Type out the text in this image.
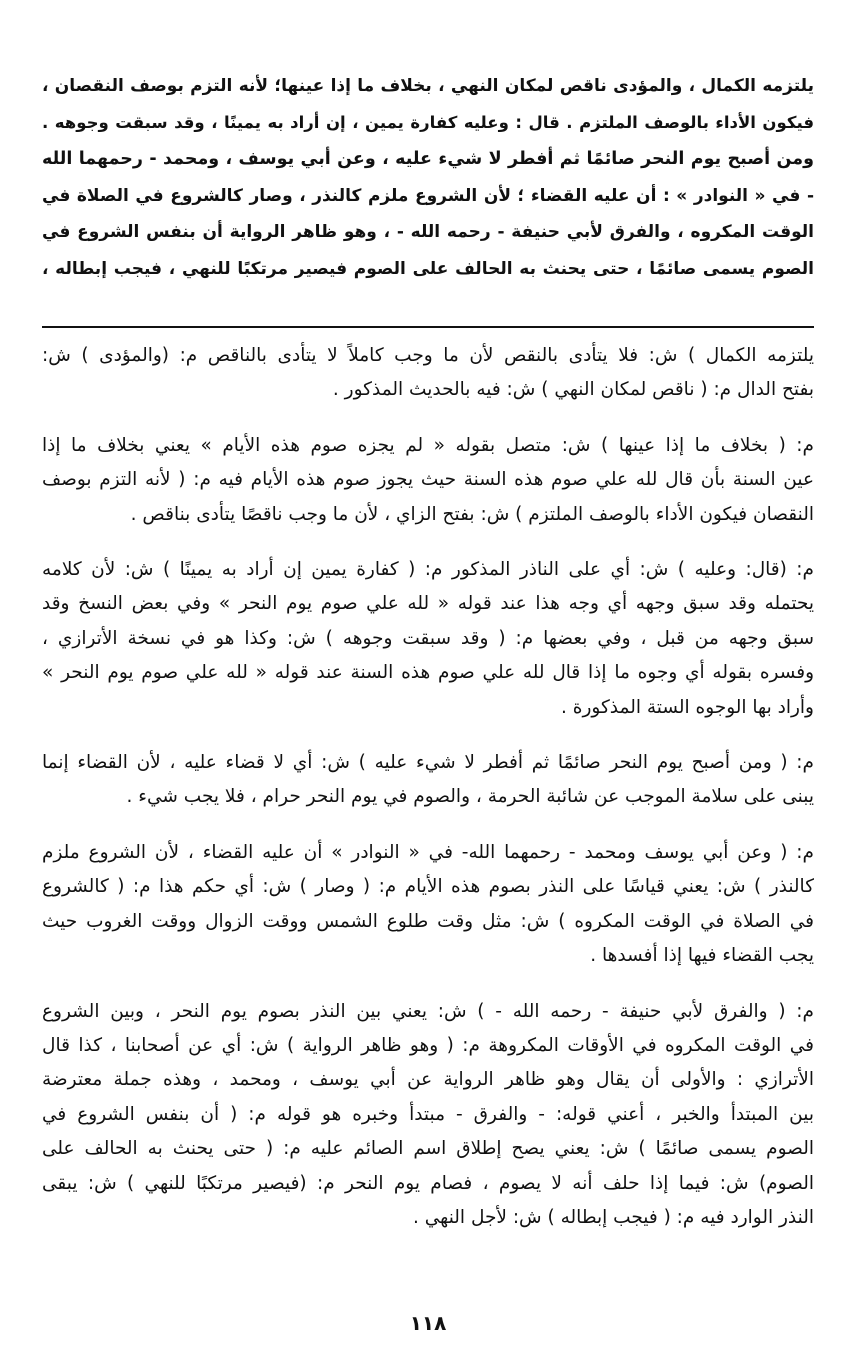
يلتزمه الكمال ، والمؤدى ناقص لمكان النهي ، بخلاف ما إذا عينها؛ لأنه التزم بوصف النقصان ،
فيكون الأداء بالوصف الملتزم . قال : وعليه كفارة يمين ، إن أراد به يمينًا ، وقد سبقت وجوهه .
ومن أصبح يوم النحر صائمًا ثم أفطر لا شيء عليه ، وعن أبي يوسف ، ومحمد - رحمهما الله
- في « النوادر » : أن عليه القضاء ؛ لأن الشروع ملزم كالنذر ، وصار كالشروع في الصلاة في
الوقت المكروه ، والفرق لأبي حنيفة - رحمه الله - ، وهو ظاهر الرواية أن بنفس الشروع في
الصوم يسمى صائمًا ، حتى يحنث به الحالف على الصوم فيصير مرتكبًا للنهي ، فيجب إبطاله ،
يلتزمه الكمال ) ش: فلا يتأدى بالنقص لأن ما وجب كاملاً لا يتأدى بالناقص م: (والمؤدى ) ش:
بفتح الدال م: ( ناقص لمكان النهي ) ش: فيه بالحديث المذكور .
م: ( بخلاف ما إذا عينها ) ش: متصل بقوله « لم يجزه صوم هذه الأيام » يعني بخلاف ما إذا
عين السنة بأن قال لله علي صوم هذه السنة حيث يجوز صوم هذه الأيام فيه م: ( لأنه التزم بوصف
النقصان فيكون الأداء بالوصف الملتزم ) ش: بفتح الزاي ، لأن ما وجب ناقصًا يتأدى بناقص .
م: (قال: وعليه ) ش: أي على الناذر المذكور م: ( كفارة يمين إن أراد به يمينًا ) ش: لأن كلامه
يحتمله وقد سبق وجهه أي وجه هذا عند قوله « لله علي صوم يوم النحر » وفي بعض النسخ وقد
سبق وجهه من قبل ، وفي بعضها م: ( وقد سبقت وجوهه ) ش: وكذا هو في نسخة الأترازي ،
وفسره بقوله أي وجوه ما إذا قال لله علي صوم هذه السنة عند قوله « لله علي صوم يوم النحر »
وأراد بها الوجوه الستة المذكورة .
م: ( ومن أصبح يوم النحر صائمًا ثم أفطر لا شيء عليه ) ش: أي لا قضاء عليه ، لأن القضاء إنما
يبنى على سلامة الموجب عن شائبة الحرمة ، والصوم في يوم النحر حرام ، فلا يجب شيء .
م: ( وعن أبي يوسف ومحمد - رحمهما الله- في « النوادر » أن عليه القضاء ، لأن الشروع ملزم
كالنذر ) ش: يعني قياسًا على النذر بصوم هذه الأيام م: ( وصار ) ش: أي حكم هذا م: ( كالشروع
في الصلاة في الوقت المكروه ) ش: مثل وقت طلوع الشمس ووقت الزوال ووقت الغروب حيث
يجب القضاء فيها إذا أفسدها .
م: ( والفرق لأبي حنيفة - رحمه الله - ) ش: يعني بين النذر بصوم يوم النحر ، وبين الشروع
في الوقت المكروه في الأوقات المكروهة م: ( وهو ظاهر الرواية ) ش: أي عن أصحابنا ، كذا قال
الأترازي : والأولى أن يقال وهو ظاهر الرواية عن أبي يوسف ، ومحمد ، وهذه جملة معترضة
بين المبتدأ والخبر ، أعني قوله: - والفرق - مبتدأ وخبره هو قوله م: ( أن بنفس الشروع في
الصوم يسمى صائمًا ) ش: يعني يصح إطلاق اسم الصائم عليه م: ( حتى يحنث به الحالف على
الصوم) ش: فيما إذا حلف أنه لا يصوم ، فصام يوم النحر م: (فيصير مرتكبًا للنهي ) ش: يبقى
النذر الوارد فيه م: ( فيجب إبطاله ) ش: لأجل النهي .
١١٨
